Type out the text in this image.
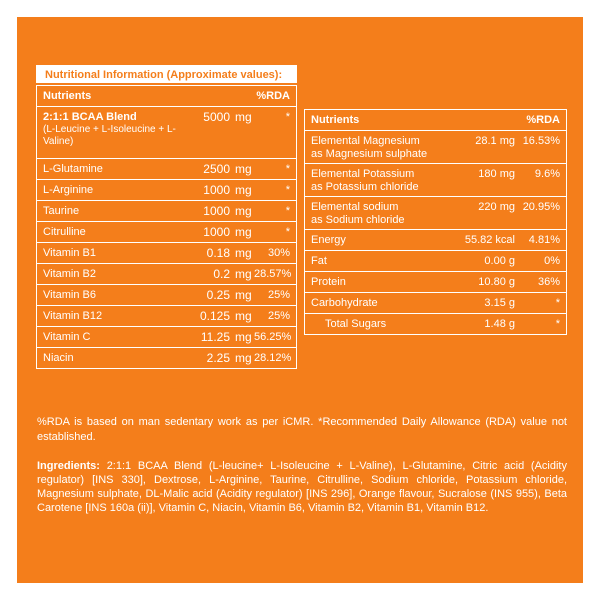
Nutritional Information (Approximate values):
Nutrients	%RDA
2:1:1 BCAA Blend
(L-Leucine + L-Isoleucine + L-Valine)
5000 mg	*
L-Glutamine	2500 mg	*
L-Arginine	1000 mg	*
Taurine	1000 mg	*
Citrulline	1000 mg	*
Vitamin B1	0.18 mg	30%
Vitamin B2	0.2 mg 28.57%
Vitamin B6	0.25 mg	25%
Vitamin B12	0.125 mg	25%
Vitamin C	11.25 mg 56.25%
Niacin	2.25 mg 28.12%
Nutrients	%RDA
Elemental Magnesium
as Magnesium sulphate
28.1 mg 16.53%
Elemental Potassium
as Potassium chloride
180 mg	9.6%
Elemental sodium
as Sodium chloride
220 mg 20.95%
Energy	55.82 kcal	4.81%
Fat	0.00 g	0%
Protein	10.80 g	36%
Carbohydrate	3.15 g	*
Total Sugars	1.48 g	*
%RDA is based on man sedentary work as per iCMR. *Recommended Daily Allowance (RDA) value not established.
Ingredients: 2:1:1 BCAA Blend (L-leucine+ L-Isoleucine + L-Valine), L-Glutamine, Citric acid (Acidity regulator) [INS 330], Dextrose, L-Arginine, Taurine, Citrulline, Sodium chloride, Potassium chloride, Magnesium sulphate, DL-Malic acid (Acidity regulator) [INS 296], Orange flavour, Sucralose (INS 955), Beta Carotene [INS 160a (ii)], Vitamin C, Niacin, Vitamin B6, Vitamin B2, Vitamin B1, Vitamin B12.
